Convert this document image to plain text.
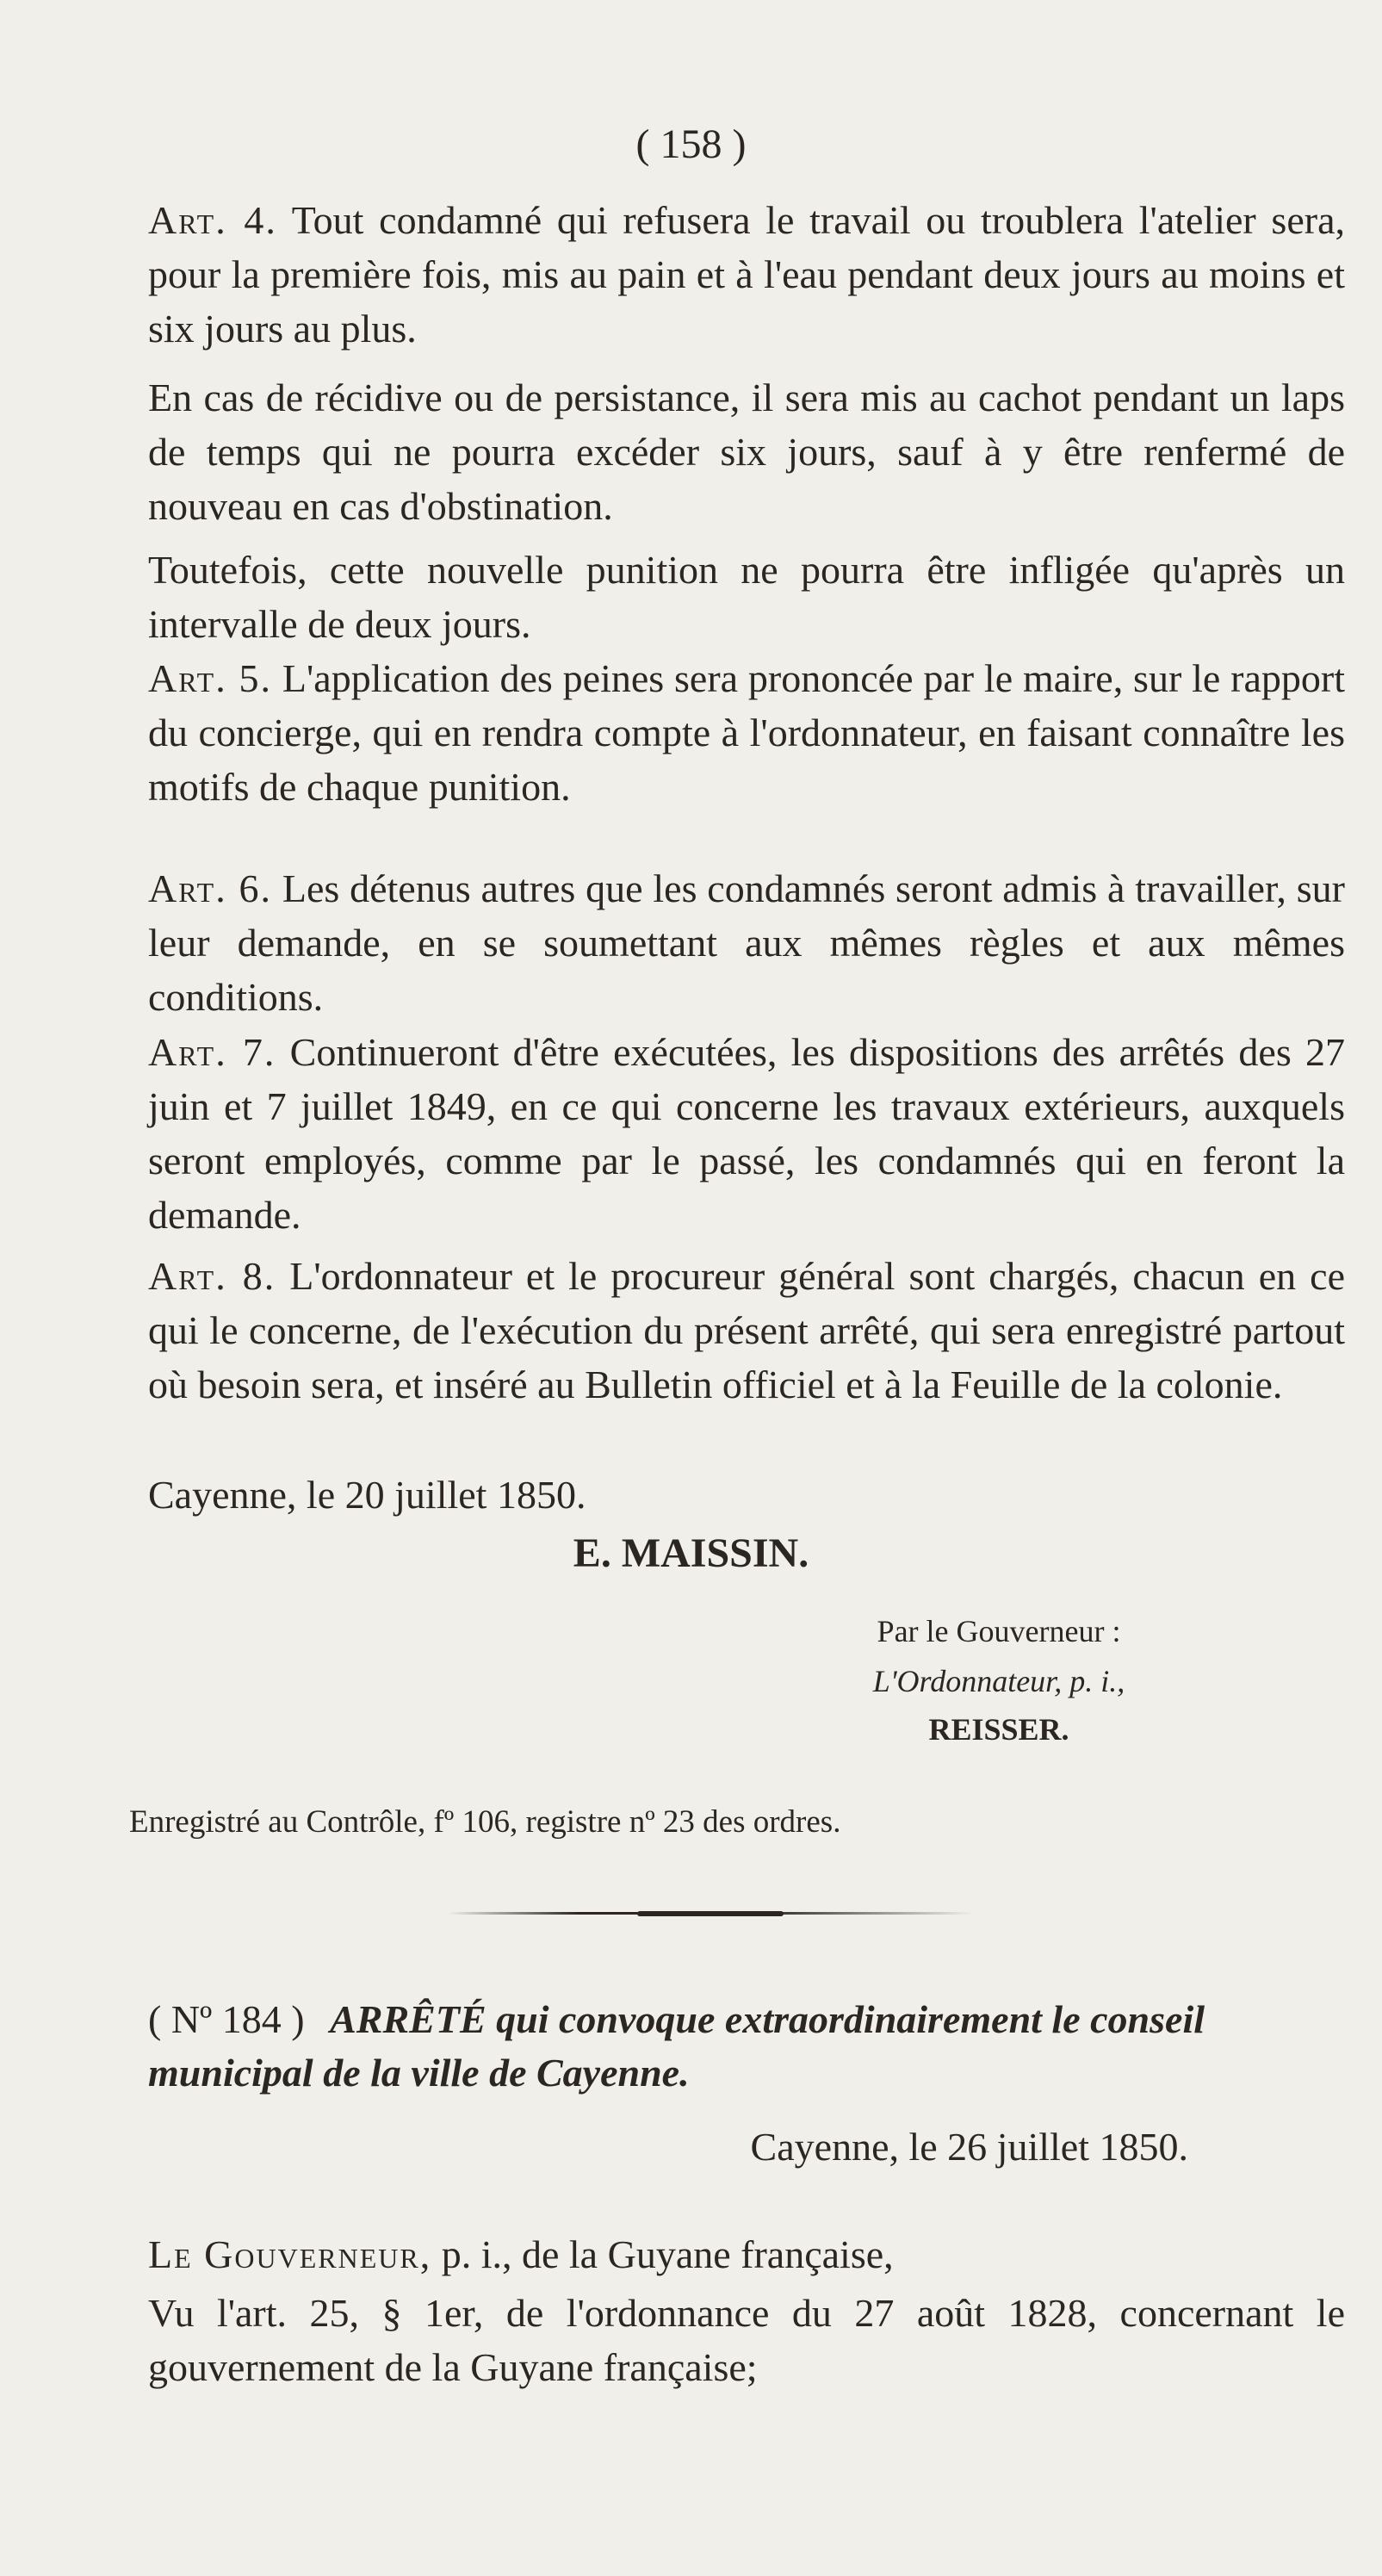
( 158 )
Art. 4. Tout condamné qui refusera le travail ou troublera l'atelier sera, pour la première fois, mis au pain et à l'eau pendant deux jours au moins et six jours au plus.
En cas de récidive ou de persistance, il sera mis au cachot pendant un laps de temps qui ne pourra excéder six jours, sauf à y être renfermé de nouveau en cas d'obstination.
Toutefois, cette nouvelle punition ne pourra être infligée qu'après un intervalle de deux jours.
Art. 5. L'application des peines sera prononcée par le maire, sur le rapport du concierge, qui en rendra compte à l'ordonnateur, en faisant connaître les motifs de chaque punition.
Art. 6. Les détenus autres que les condamnés seront admis à travailler, sur leur demande, en se soumettant aux mêmes règles et aux mêmes conditions.
Art. 7. Continueront d'être exécutées, les dispositions des arrêtés des 27 juin et 7 juillet 1849, en ce qui concerne les travaux extérieurs, auxquels seront employés, comme par le passé, les condamnés qui en feront la demande.
Art. 8. L'ordonnateur et le procureur général sont chargés, chacun en ce qui le concerne, de l'exécution du présent arrêté, qui sera enregistré partout où besoin sera, et inséré au Bulletin officiel et à la Feuille de la colonie.
Cayenne, le 20 juillet 1850.
E. MAISSIN.
Par le Gouverneur :
L'Ordonnateur, p. i.,
REISSER.
Enregistré au Contrôle, fº 106, registre nº 23 des ordres.
( Nº 184 ) ARRÊTÉ qui convoque extraordinairement le conseil municipal de la ville de Cayenne.
Cayenne, le 26 juillet 1850.
Le Gouverneur, p. i., de la Guyane française,
Vu l'art. 25, § 1er, de l'ordonnance du 27 août 1828, concernant le gouvernement de la Guyane française;
